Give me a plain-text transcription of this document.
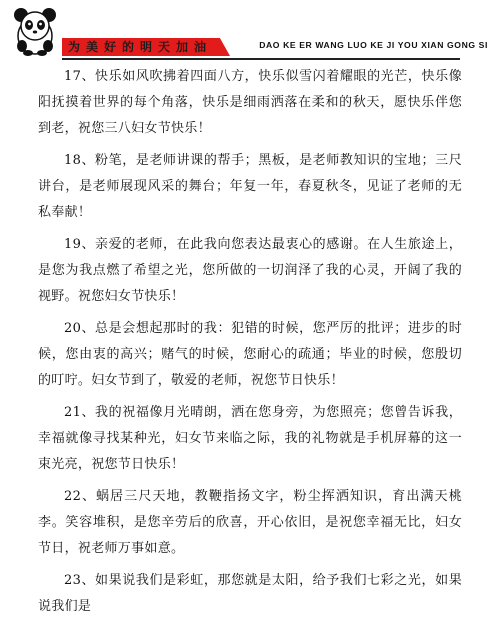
为美好的明天加油	DAO KE ER WANG LUO KE JI YOU XIAN GONG SI

17、快乐如风吹拂着四面八方，快乐似雪闪着耀眼的光芒，快乐像阳抚摸着世界的每个角落，快乐是细雨洒落在柔和的秋天，愿快乐伴您到老，祝您三八妇女节快乐！

18、粉笔，是老师讲课的帮手；黑板，是老师教知识的宝地；三尺讲台，是老师展现风采的舞台；年复一年，春夏秋冬，见证了老师的无私奉献！

19、亲爱的老师，在此我向您表达最衷心的感谢。在人生旅途上，是您为我点燃了希望之光，您所做的一切润泽了我的心灵，开阔了我的视野。祝您妇女节快乐！

20、总是会想起那时的我：犯错的时候，您严厉的批评；进步的时候，您由衷的高兴；赌气的时候，您耐心的疏通；毕业的时候，您殷切的叮咛。妇女节到了，敬爱的老师，祝您节日快乐！

21、我的祝福像月光晴朗，洒在您身旁，为您照亮；您曾告诉我，幸福就像寻找某种光，妇女节来临之际，我的礼物就是手机屏幕的这一束光亮，祝您节日快乐！

22、蜗居三尺天地，教鞭指扬文字，粉尘挥洒知识，育出满天桃李。笑容堆积，是您辛劳后的欣喜，开心依旧，是祝您幸福无比，妇女节日，祝老师万事如意。

23、如果说我们是彩虹，那您就是太阳，给予我们七彩之光，如果说我们是
